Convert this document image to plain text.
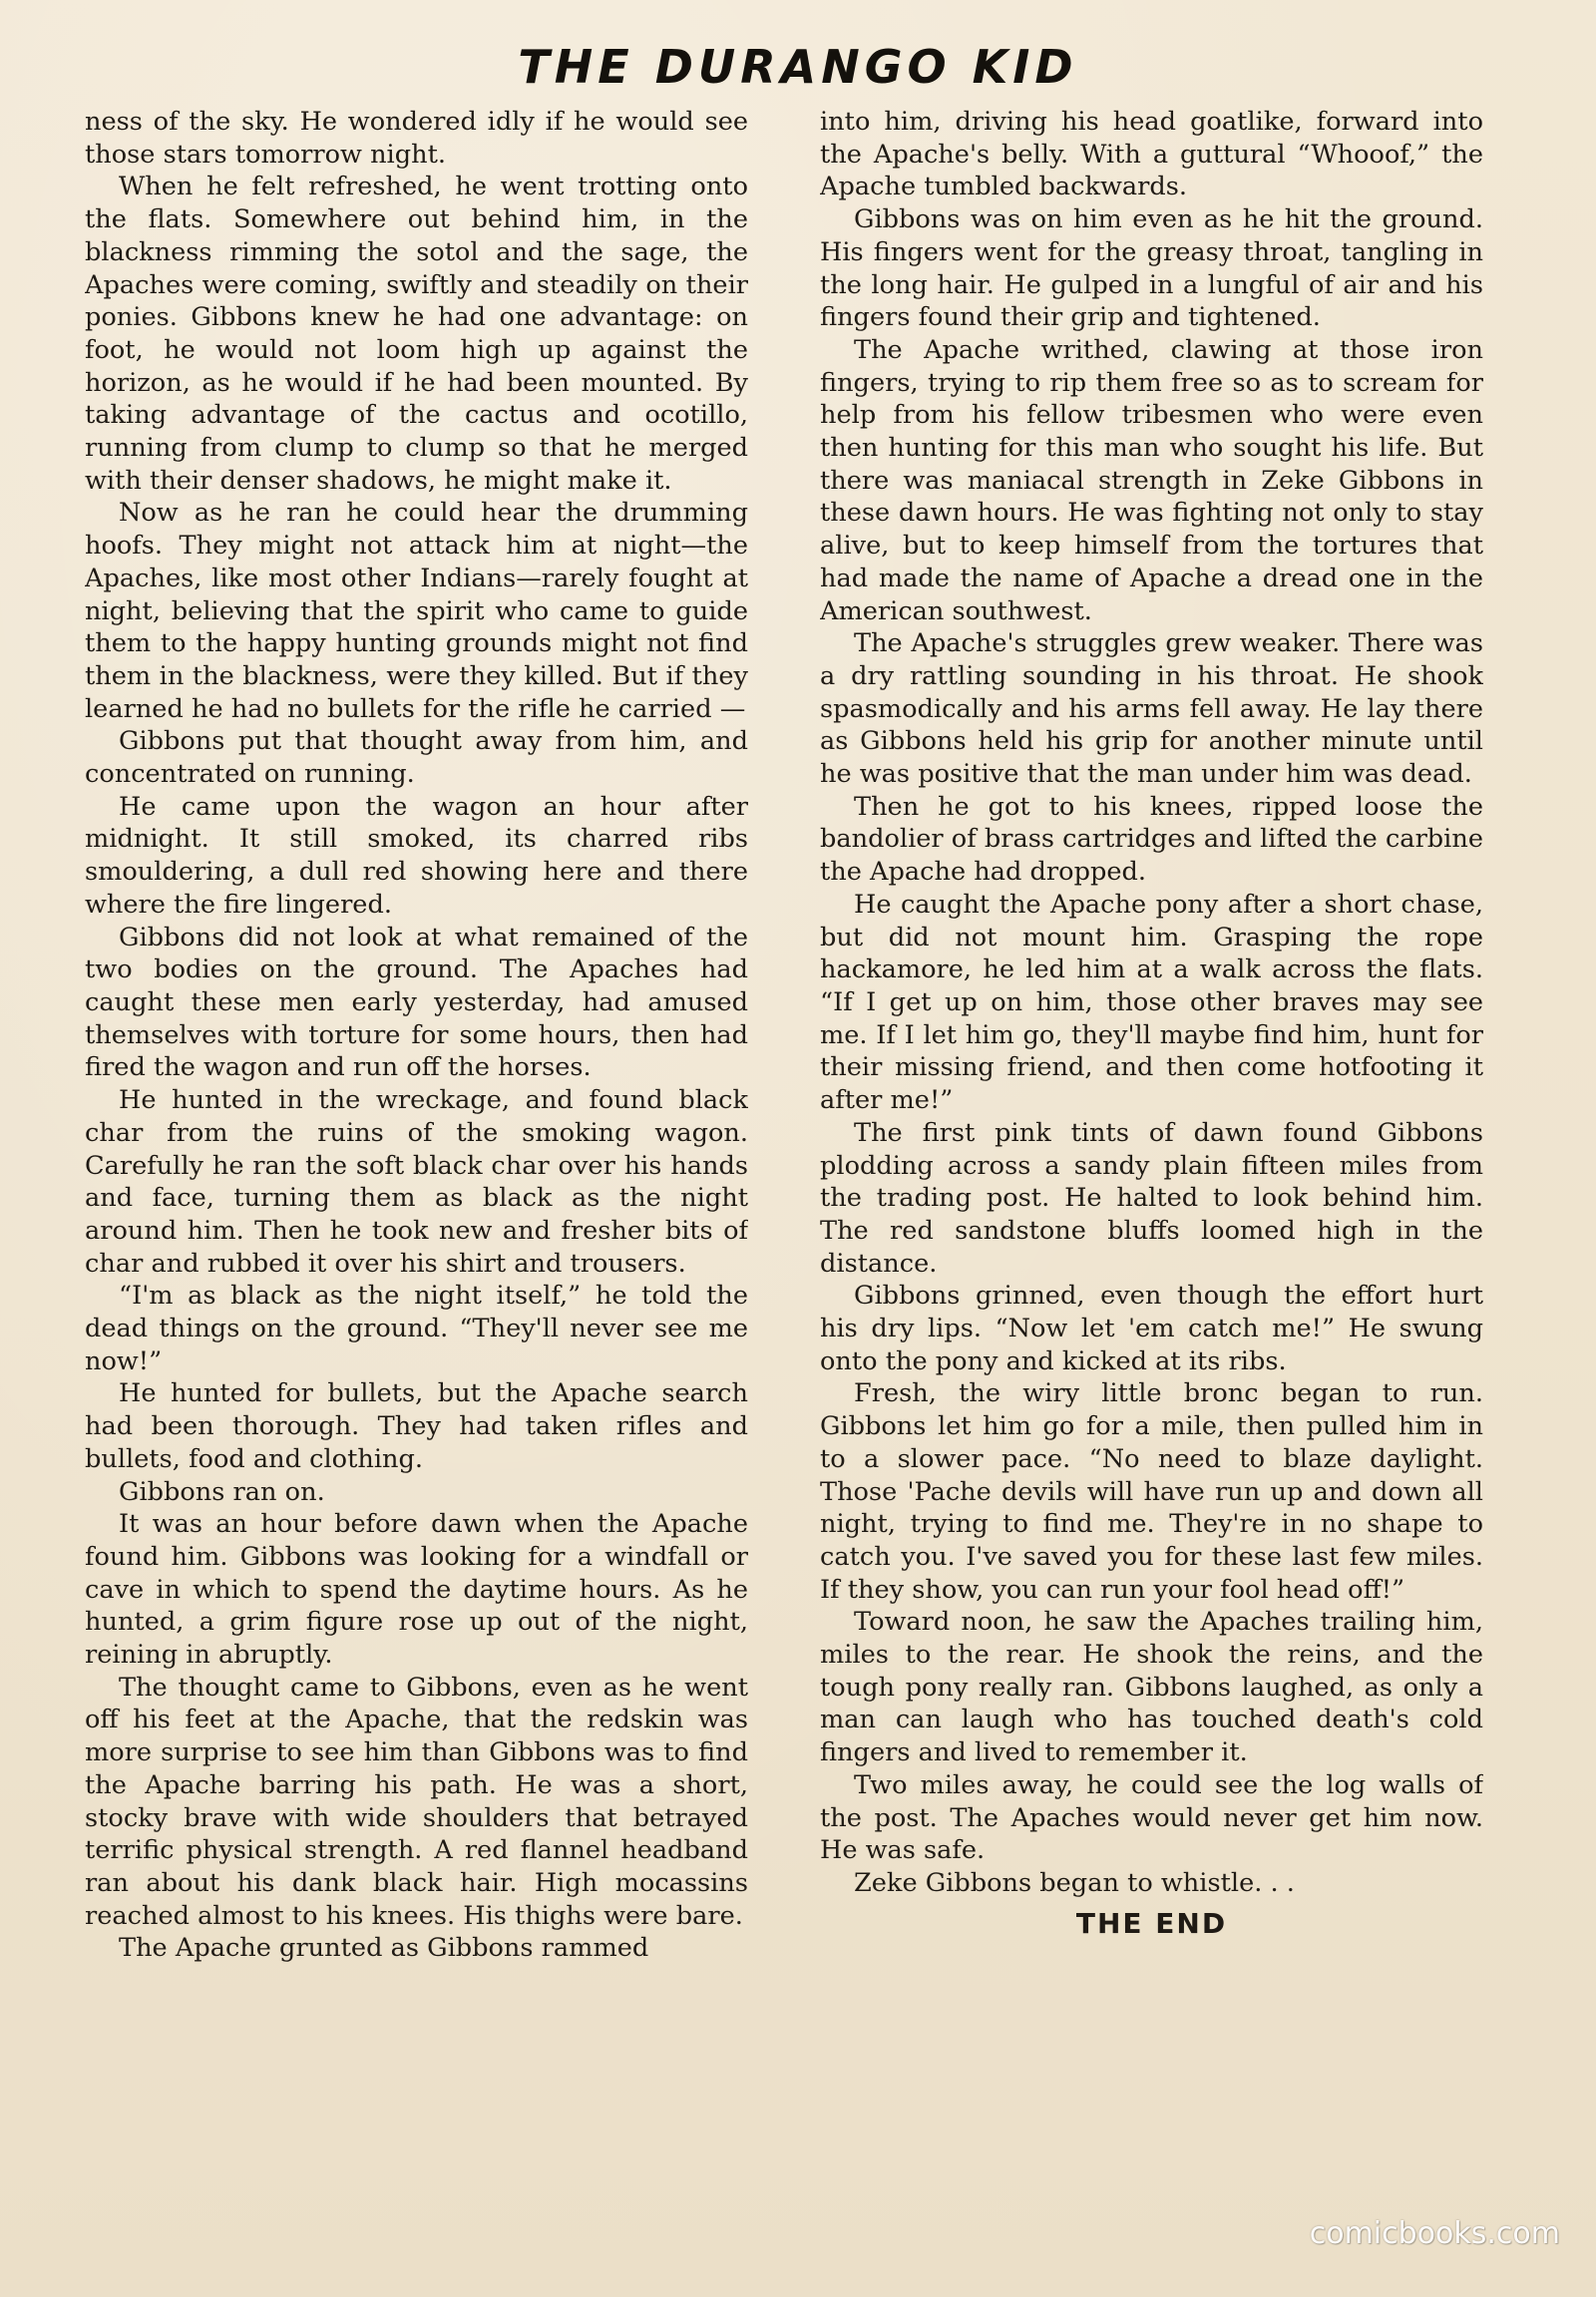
THE DURANGO KID

ness of the sky. He wondered idly if he would see those stars tomorrow night.

When he felt refreshed, he went trotting onto the flats. Somewhere out behind him, in the blackness rimming the sotol and the sage, the Apaches were coming, swiftly and steadily on their ponies. Gibbons knew he had one advantage: on foot, he would not loom high up against the horizon, as he would if he had been mounted. By taking advantage of the cactus and ocotillo, running from clump to clump so that he merged with their denser shadows, he might make it.

Now as he ran he could hear the drumming hoofs. They might not attack him at night—the Apaches, like most other Indians—rarely fought at night, believing that the spirit who came to guide them to the happy hunting grounds might not find them in the blackness, were they killed. But if they learned he had no bullets for the rifle he carried —

Gibbons put that thought away from him, and concentrated on running.

He came upon the wagon an hour after midnight. It still smoked, its charred ribs smouldering, a dull red showing here and there where the fire lingered.

Gibbons did not look at what remained of the two bodies on the ground. The Apaches had caught these men early yesterday, had amused themselves with torture for some hours, then had fired the wagon and run off the horses.

He hunted in the wreckage, and found black char from the ruins of the smoking wagon. Carefully he ran the soft black char over his hands and face, turning them as black as the night around him. Then he took new and fresher bits of char and rubbed it over his shirt and trousers.

“I'm as black as the night itself,” he told the dead things on the ground. “They'll never see me now!”

He hunted for bullets, but the Apache search had been thorough. They had taken rifles and bullets, food and clothing.

Gibbons ran on.

It was an hour before dawn when the Apache found him. Gibbons was looking for a windfall or cave in which to spend the daytime hours. As he hunted, a grim figure rose up out of the night, reining in abruptly.

The thought came to Gibbons, even as he went off his feet at the Apache, that the redskin was more surprise to see him than Gibbons was to find the Apache barring his path. He was a short, stocky brave with wide shoulders that betrayed terrific physical strength. A red flannel headband ran about his dank black hair. High mocassins reached almost to his knees. His thighs were bare.

The Apache grunted as Gibbons rammed

into him, driving his head goatlike, forward into the Apache's belly. With a guttural “Whooof,” the Apache tumbled backwards.

Gibbons was on him even as he hit the ground. His fingers went for the greasy throat, tangling in the long hair. He gulped in a lungful of air and his fingers found their grip and tightened.

The Apache writhed, clawing at those iron fingers, trying to rip them free so as to scream for help from his fellow tribesmen who were even then hunting for this man who sought his life. But there was maniacal strength in Zeke Gibbons in these dawn hours. He was fighting not only to stay alive, but to keep himself from the tortures that had made the name of Apache a dread one in the American southwest.

The Apache's struggles grew weaker. There was a dry rattling sounding in his throat. He shook spasmodically and his arms fell away. He lay there as Gibbons held his grip for another minute until he was positive that the man under him was dead.

Then he got to his knees, ripped loose the bandolier of brass cartridges and lifted the carbine the Apache had dropped.

He caught the Apache pony after a short chase, but did not mount him. Grasping the rope hackamore, he led him at a walk across the flats. “If I get up on him, those other braves may see me. If I let him go, they'll maybe find him, hunt for their missing friend, and then come hotfooting it after me!”

The first pink tints of dawn found Gibbons plodding across a sandy plain fifteen miles from the trading post. He halted to look behind him. The red sandstone bluffs loomed high in the distance.

Gibbons grinned, even though the effort hurt his dry lips. “Now let 'em catch me!” He swung onto the pony and kicked at its ribs.

Fresh, the wiry little bronc began to run. Gibbons let him go for a mile, then pulled him in to a slower pace. “No need to blaze daylight. Those 'Pache devils will have run up and down all night, trying to find me. They're in no shape to catch you. I've saved you for these last few miles. If they show, you can run your fool head off!”

Toward noon, he saw the Apaches trailing him, miles to the rear. He shook the reins, and the tough pony really ran. Gibbons laughed, as only a man can laugh who has touched death's cold fingers and lived to remember it.

Two miles away, he could see the log walls of the post. The Apaches would never get him now. He was safe.

Zeke Gibbons began to whistle. . .

THE END
comicbooks.com
